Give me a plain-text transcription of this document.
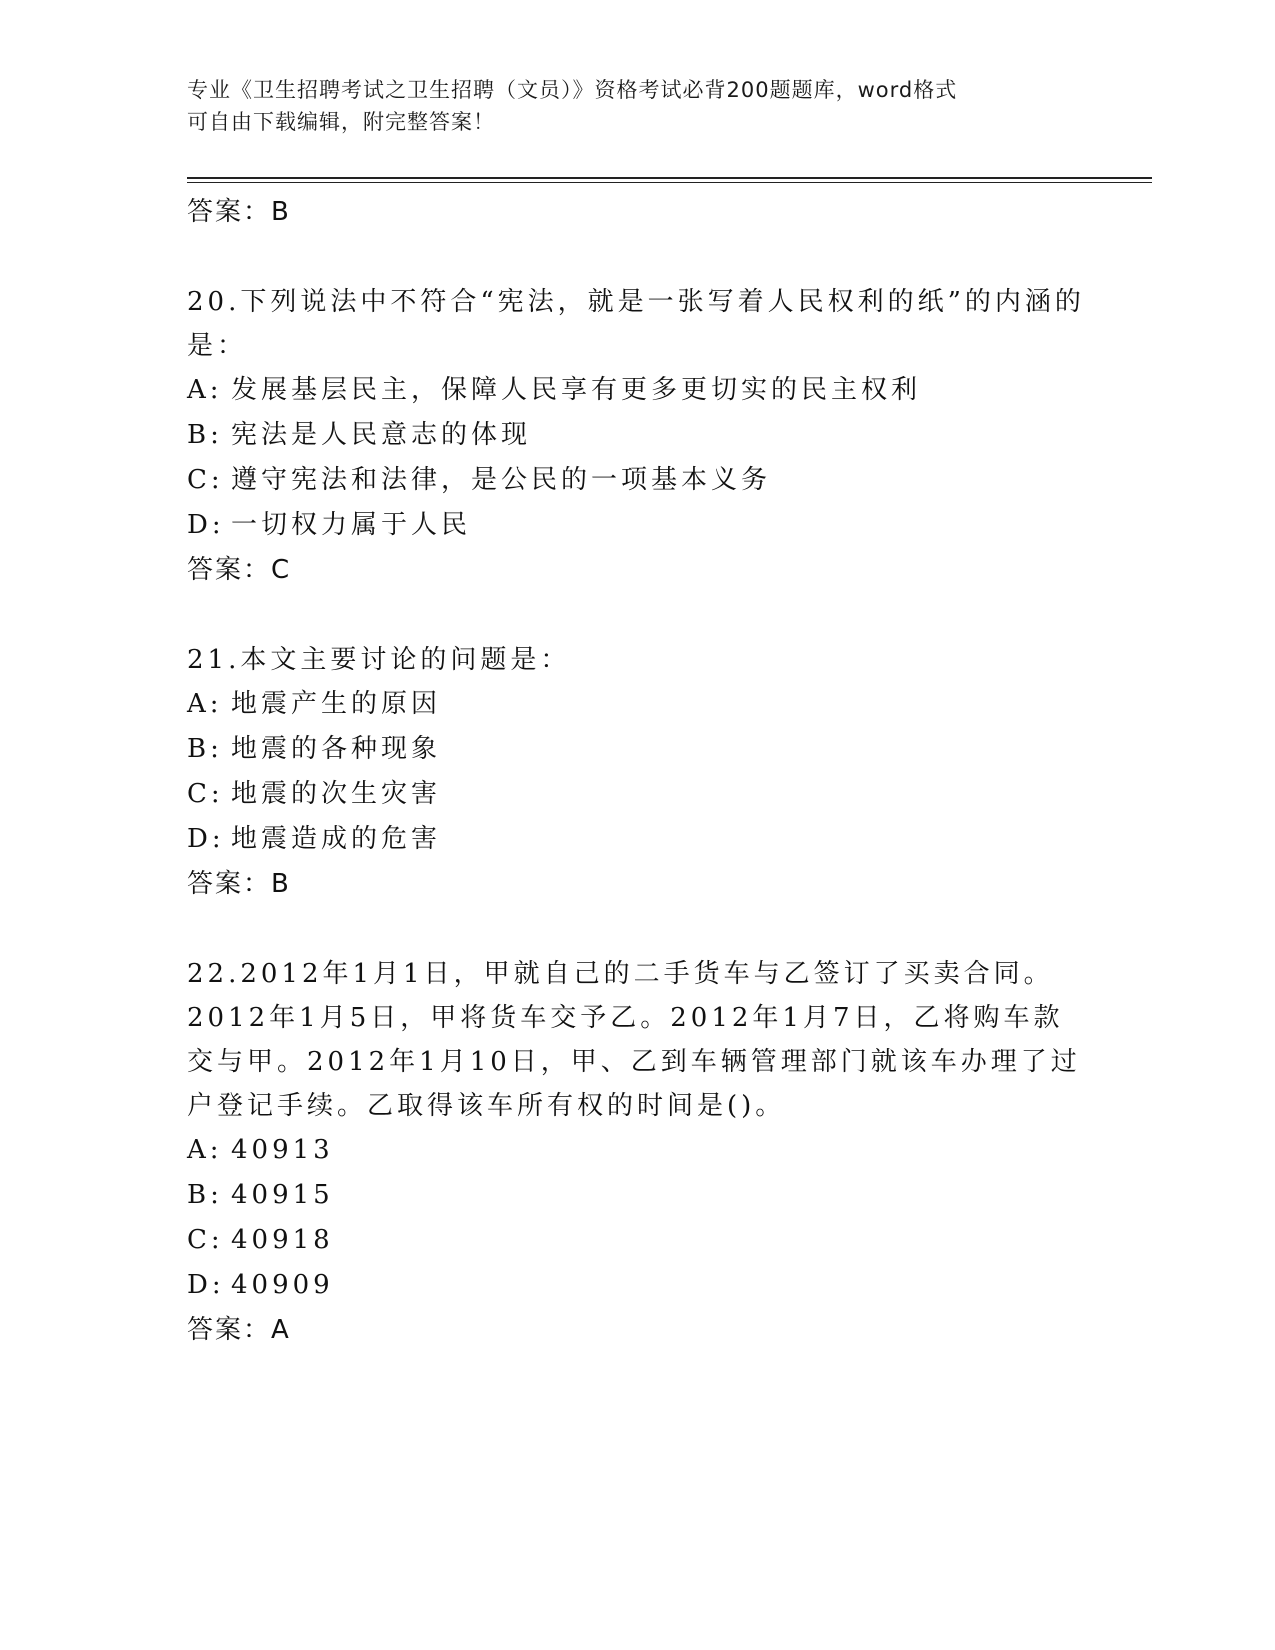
专业《卫生招聘考试之卫生招聘（文员）》资格考试必背200题题库，word格式
可自由下载编辑，附完整答案！
答案：B
20.下列说法中不符合“宪法，就是一张写着人民权利的纸”的内涵的是：
A: 发展基层民主，保障人民享有更多更切实的民主权利
B: 宪法是人民意志的体现
C: 遵守宪法和法律，是公民的一项基本义务
D: 一切权力属于人民
答案：C
21.本文主要讨论的问题是：
A: 地震产生的原因
B: 地震的各种现象
C: 地震的次生灾害
D: 地震造成的危害
答案：B
22.2012年1月1日，甲就自己的二手货车与乙签订了买卖合同。2012年1月5日，甲将货车交予乙。2012年1月7日，乙将购车款交与甲。2012年1月10日，甲、乙到车辆管理部门就该车办理了过户登记手续。乙取得该车所有权的时间是()。
A: 40913
B: 40915
C: 40918
D: 40909
答案：A
